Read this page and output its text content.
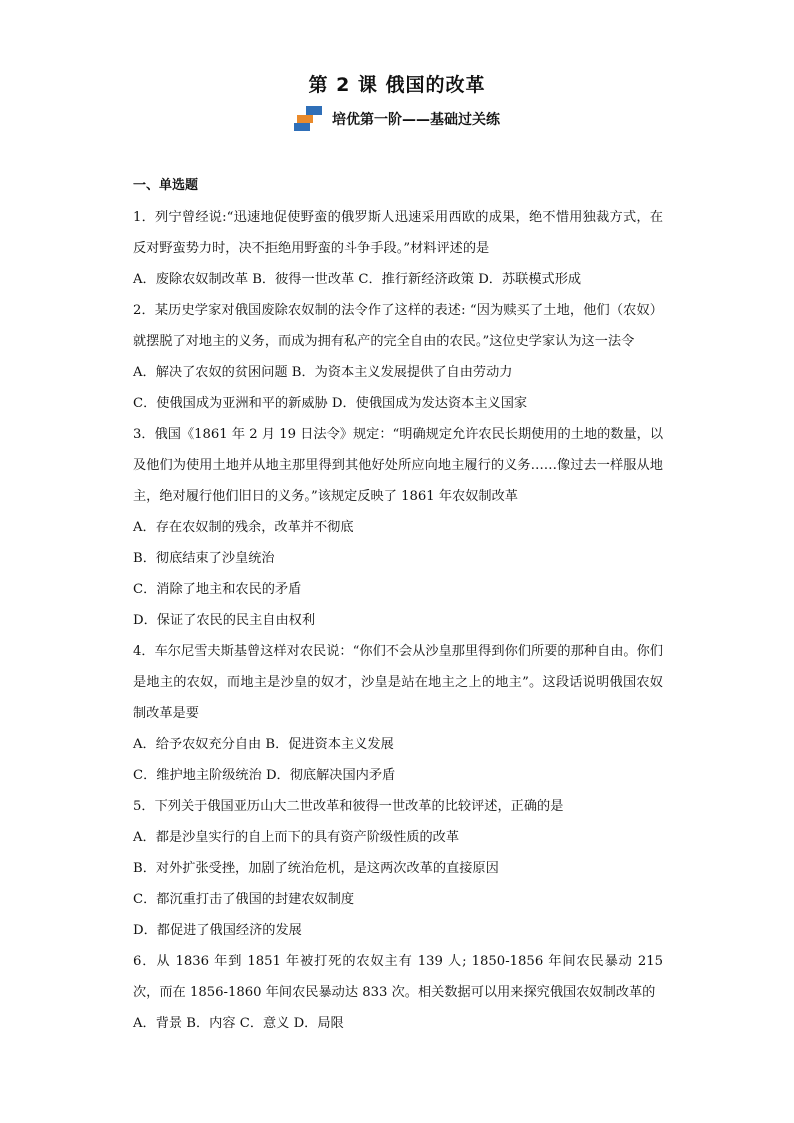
第 2 课 俄国的改革
培优第一阶——基础过关练
一、单选题

1．列宁曾经说:“迅速地促使野蛮的俄罗斯人迅速采用西欧的成果，绝不惜用独裁方式，在反对野蛮势力时，决不拒绝用野蛮的斗争手段。”材料评述的是

A．废除农奴制改革 B．彼得一世改革 C．推行新经济政策 D．苏联模式形成

2．某历史学家对俄国废除农奴制的法令作了这样的表述: “因为赎买了土地，他们（农奴）就摆脱了对地主的义务，而成为拥有私产的完全自由的农民。”这位史学家认为这一法令

A．解决了农奴的贫困问题 B．为资本主义发展提供了自由劳动力

C．使俄国成为亚洲和平的新威胁 D．使俄国成为发达资本主义国家

3．俄国《1861 年 2 月 19 日法令》规定：“明确规定允许农民长期使用的土地的数量，以及他们为使用土地并从地主那里得到其他好处所应向地主履行的义务……像过去一样服从地主，绝对履行他们旧日的义务。”该规定反映了 1861 年农奴制改革

A．存在农奴制的残余，改革并不彻底

B．彻底结束了沙皇统治

C．消除了地主和农民的矛盾

D．保证了农民的民主自由权利

4．车尔尼雪夫斯基曾这样对农民说：“你们不会从沙皇那里得到你们所要的那种自由。你们是地主的农奴，而地主是沙皇的奴才，沙皇是站在地主之上的地主”。这段话说明俄国农奴制改革是要

A．给予农奴充分自由 B．促进资本主义发展

C．维护地主阶级统治 D．彻底解决国内矛盾

5．下列关于俄国亚历山大二世改革和彼得一世改革的比较评述，正确的是

A．都是沙皇实行的自上而下的具有资产阶级性质的改革

B．对外扩张受挫，加剧了统治危机，是这两次改革的直接原因

C．都沉重打击了俄国的封建农奴制度

D．都促进了俄国经济的发展

6．从 1836 年到 1851 年被打死的农奴主有 139 人; 1850-1856 年间农民暴动 215 次，而在 1856-1860 年间农民暴动达 833 次。相关数据可以用来探究俄国农奴制改革的

A．背景 B．内容 C．意义 D．局限
